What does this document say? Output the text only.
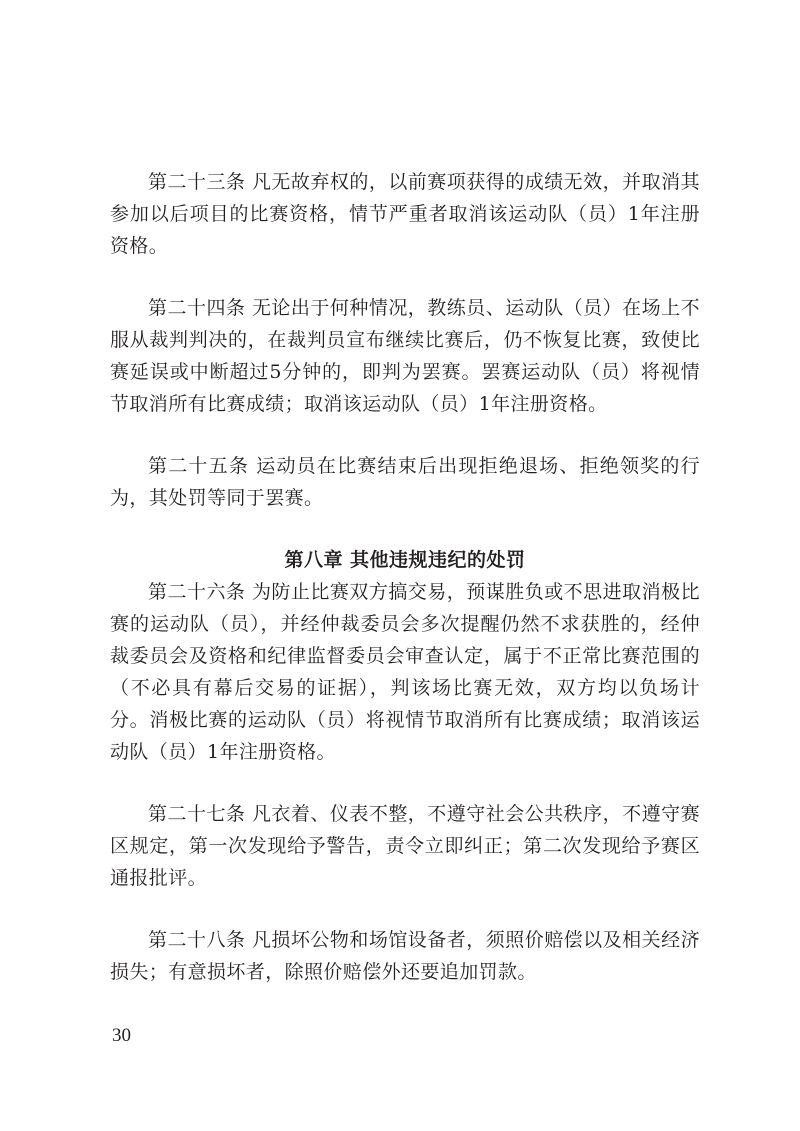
第二十三条 凡无故弃权的，以前赛项获得的成绩无效，并取消其参加以后项目的比赛资格，情节严重者取消该运动队（员）1年注册资格。

第二十四条 无论出于何种情况，教练员、运动队（员）在场上不服从裁判判决的，在裁判员宣布继续比赛后，仍不恢复比赛，致使比赛延误或中断超过5分钟的，即判为罢赛。罢赛运动队（员）将视情节取消所有比赛成绩；取消该运动队（员）1年注册资格。

第二十五条 运动员在比赛结束后出现拒绝退场、拒绝领奖的行为，其处罚等同于罢赛。

第八章 其他违规违纪的处罚

第二十六条 为防止比赛双方搞交易，预谋胜负或不思进取消极比赛的运动队（员），并经仲裁委员会多次提醒仍然不求获胜的，经仲裁委员会及资格和纪律监督委员会审查认定，属于不正常比赛范围的（不必具有幕后交易的证据），判该场比赛无效，双方均以负场计分。消极比赛的运动队（员）将视情节取消所有比赛成绩；取消该运动队（员）1年注册资格。

第二十七条 凡衣着、仪表不整，不遵守社会公共秩序，不遵守赛区规定，第一次发现给予警告，责令立即纠正；第二次发现给予赛区通报批评。

第二十八条 凡损坏公物和场馆设备者，须照价赔偿以及相关经济损失；有意损坏者，除照价赔偿外还要追加罚款。

30
